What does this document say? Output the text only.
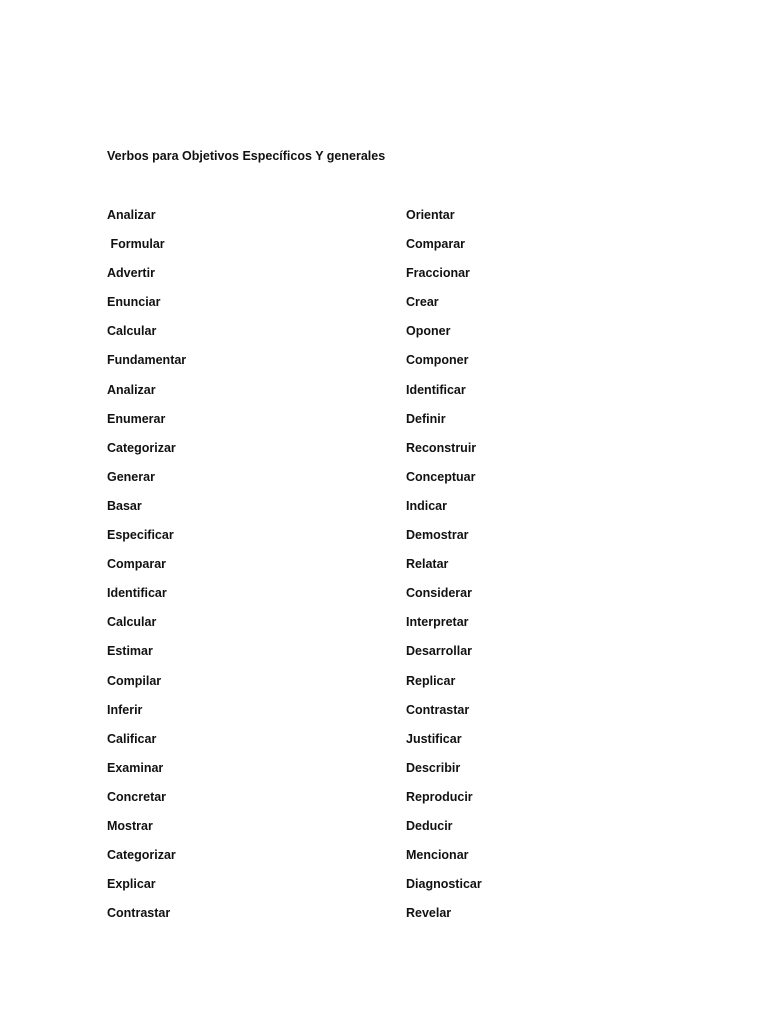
Verbos para Objetivos Específicos Y generales
Analizar
Formular
Advertir
Enunciar
Calcular
Fundamentar
Analizar
Enumerar
Categorizar
Generar
Basar
Especificar
Comparar
Identificar
Calcular
Estimar
Compilar
Inferir
Calificar
Examinar
Concretar
Mostrar
Categorizar
Explicar
Contrastar
Orientar
Comparar
Fraccionar
Crear
Oponer
Componer
Identificar
Definir
Reconstruir
Conceptuar
Indicar
Demostrar
Relatar
Considerar
Interpretar
Desarrollar
Replicar
Contrastar
Justificar
Describir
Reproducir
Deducir
Mencionar
Diagnosticar
Revelar
